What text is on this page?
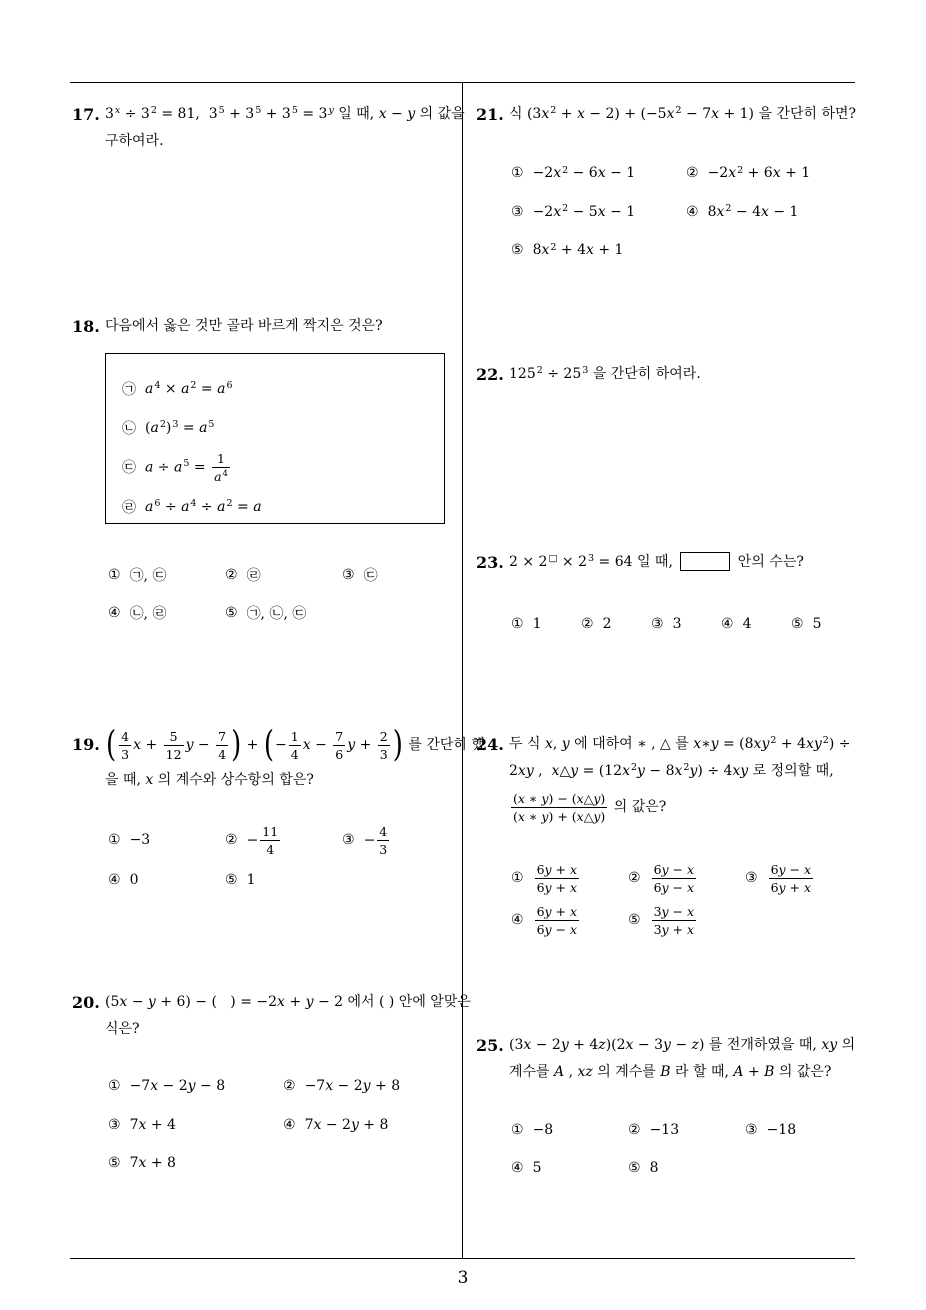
17. $3^x \div 3^2 = 81$,  $3^5 + 3^5 + 3^5 = 3^y$ 일 때, x − y 의 값을
구하여라.
18. 다음에서 옳은 것만 골라 바르게 짝지은 것은?
㉠ $a^4 \times a^2 = a^6$
㉡ $(a^2)^3 = a^5$
㉢ $a \div a^5 = \frac{1}{a^4}$
㉣ $a^6 \div a^4 \div a^2 = a$
① ㉠, ㉢	② ㉣	③ ㉢
④ ㉡, ㉣	⑤ ㉠, ㉡, ㉢
19. ( $\frac{4}{3}$ $x + \frac{5}{12}$ $y - \frac{7}{4}$ ) + (− $\frac{1}{4}$ $x - \frac{7}{6}$ $y + \frac{2}{3}$ ) 를 간단히 했
을 때, x 의 계수와 상수항의 합은?
① −3	② − $\frac{11}{4}$	③ − $\frac{4}{3}$
④ 0	⑤ 1
20. (5x − y + 6) − (   ) = −2x + y − 2 에서 ( ) 안에 알맞은
식은?
① −7x − 2y − 8	② −7x − 2y + 8
③ 7x + 4	④ 7x − 2y + 8
⑤ 7x + 8
21. 식 $(3x^2 + x - 2) + (-5x^2 - 7x + 1)$ 을 간단히 하면?
① $-2x^2 - 6x - 1$	② $-2x^2 + 6x + 1$
③ $-2x^2 - 5x - 1$	④ $8x^2 - 4x - 1$
⑤ $8x^2 + 4x + 1$
22. $125^2 \div 25^3$ 을 간단히 하여라.
23. $2 \times 2^□ \times 2^3 = 64$ 일 때,	안의 수는?
① 1	② 2	③ 3	④ 4	⑤ 5
24. 두 식 x, y 에 대하여 ∗ , △ 를 x∗y = $(8xy^2 + 4xy^2)$ ÷
2xy ,  x△y = $(12x^2y - 8x^2y) \div 4xy$ 로 정의할 때,
$\frac{(x ∗ y) - (x\triangle y)}{(x ∗ y) + (x\triangle y)}$ 의 값은?
① $\frac{6y + x}{6y + x}$	② $\frac{6y - x}{6y - x}$	③ $\frac{6y - x}{6y + x}$
④ $\frac{6y + x}{6y - x}$	⑤ $\frac{3y - x}{3y + x}$
25. (3x − 2y + 4z)(2x − 3y − z) 를 전개하였을 때, xy 의
계수를 A , xz 의 계수를 B 라 할 때, A + B 의 값은?
① −8	② −13	③ −18
④ 5	⑤ 8
3
